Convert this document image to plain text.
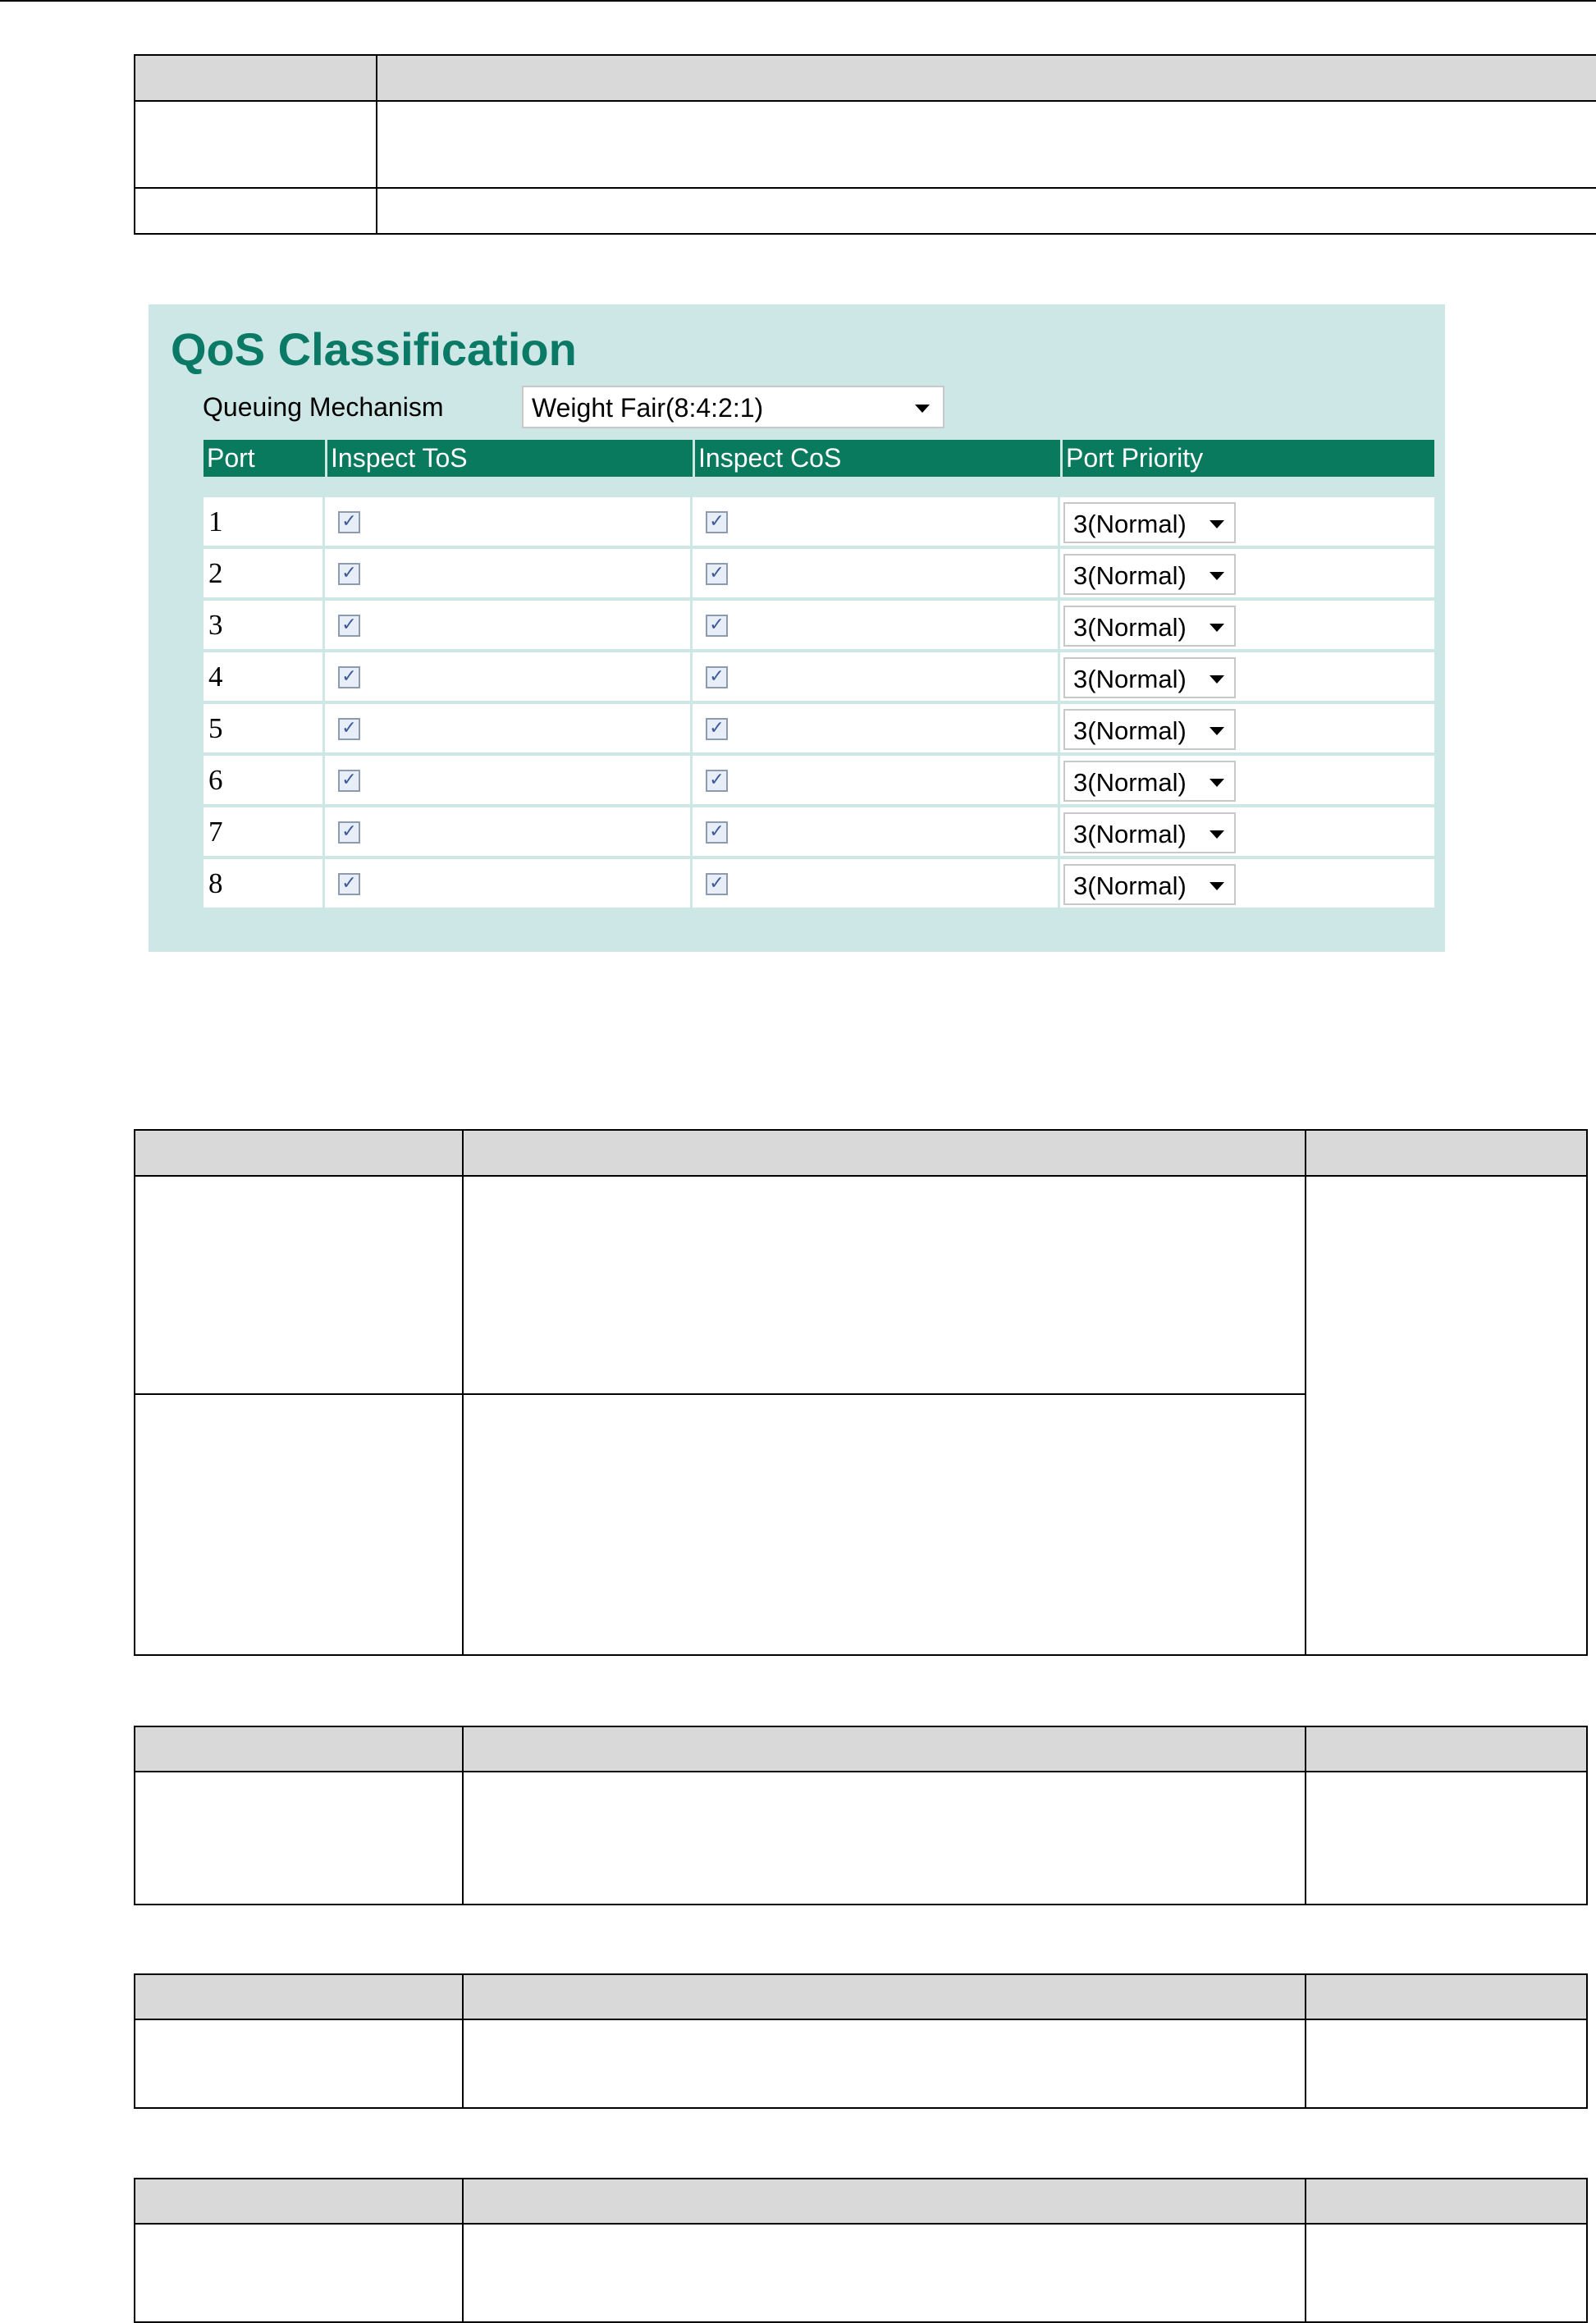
QoS Classification
Queuing Mechanism	Weight Fair(8:4:2:1)
Port	Inspect ToS	Inspect CoS	Port Priority
1	✓	✓	3(Normal)
2	✓	✓	3(Normal)
3	✓	✓	3(Normal)
4	✓	✓	3(Normal)
5	✓	✓	3(Normal)
6	✓	✓	3(Normal)
7	✓	✓	3(Normal)
8	✓	✓	3(Normal)
